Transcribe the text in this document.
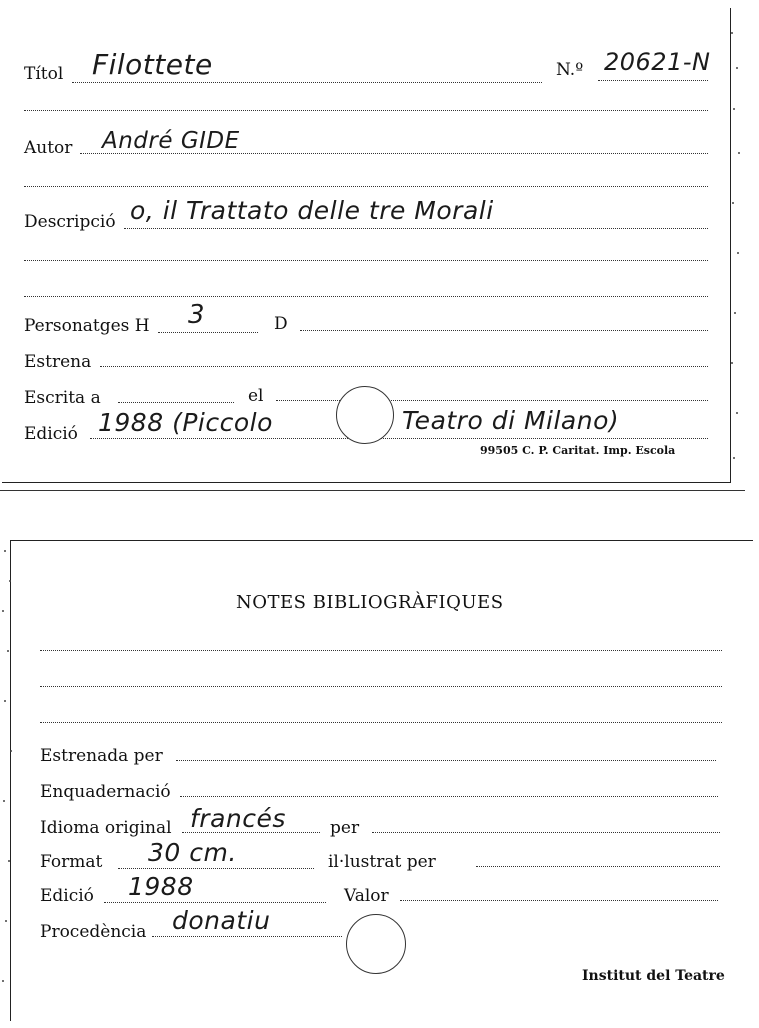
Títol Filottete	N.º 20621-N
Autor André GIDE
Descripció o, il Trattato delle tre Morali
Personatges H 3	D
Estrena
Escrita a	el
Edició 1988 (Piccolo	Teatro di Milano)
99505 C. P. Caritat. Imp. Escola
NOTES BIBLIOGRÀFIQUES
Estrenada per
Enquadernació
Idioma original francés	per
Format 30 cm.	il·lustrat per
Edició 1988	Valor
Procedència donatiu
Institut del Teatre
